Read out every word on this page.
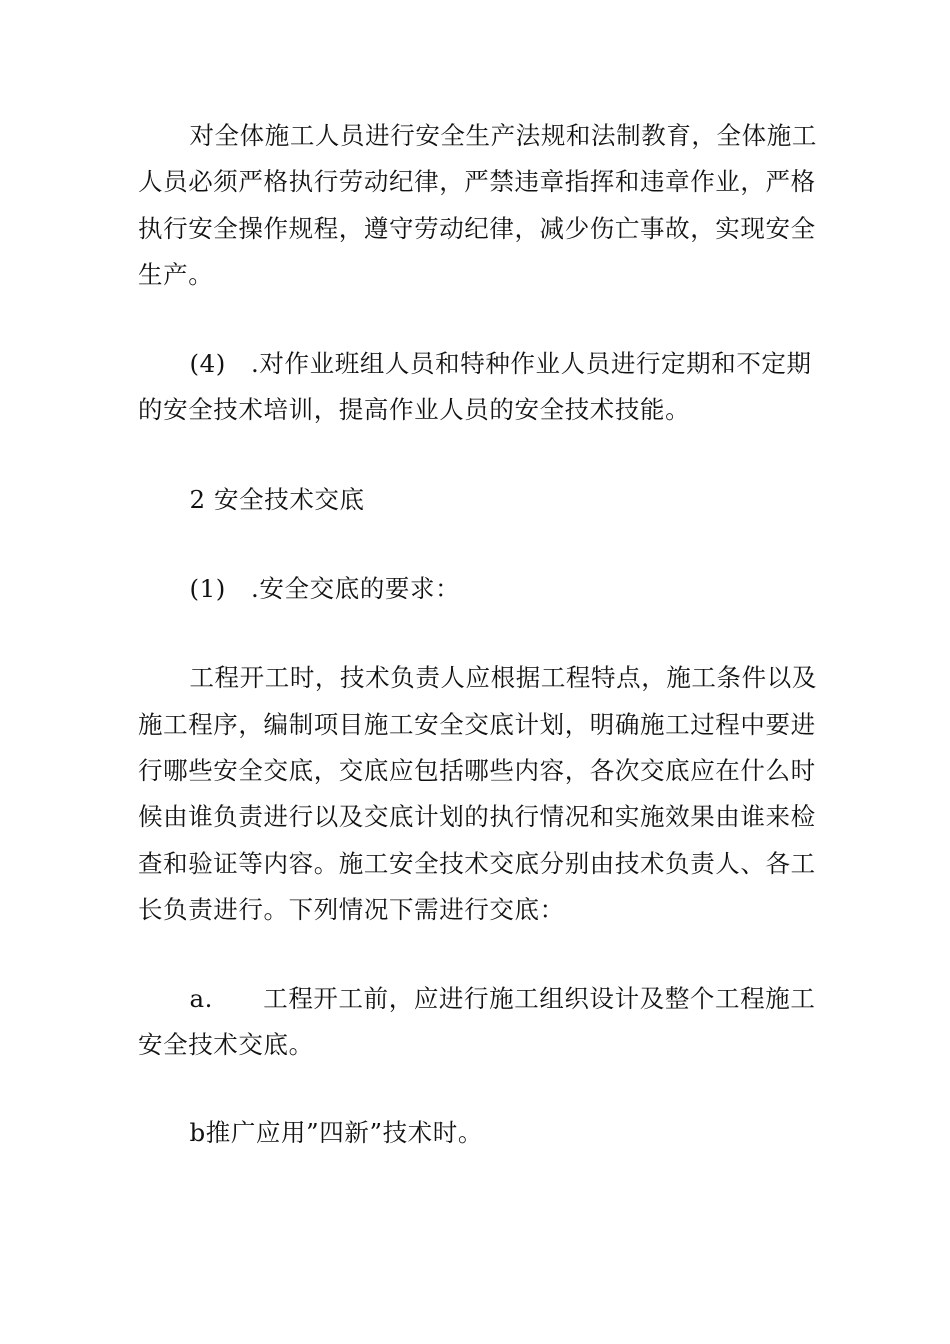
对全体施工人员进行安全生产法规和法制教育，全体施工人员必须严格执行劳动纪律，严禁违章指挥和违章作业，严格执行安全操作规程，遵守劳动纪律，减少伤亡事故，实现安全生产。

(4)　.对作业班组人员和特种作业人员进行定期和不定期的安全技术培训，提高作业人员的安全技术技能。

2 安全技术交底

(1)　.安全交底的要求：

工程开工时，技术负责人应根据工程特点，施工条件以及施工程序，编制项目施工安全交底计划，明确施工过程中要进行哪些安全交底，交底应包括哪些内容，各次交底应在什么时候由谁负责进行以及交底计划的执行情况和实施效果由谁来检查和验证等内容。施工安全技术交底分别由技术负责人、各工长负责进行。下列情况下需进行交底：

a.　　工程开工前，应进行施工组织设计及整个工程施工安全技术交底。

b推广应用”四新”技术时。
